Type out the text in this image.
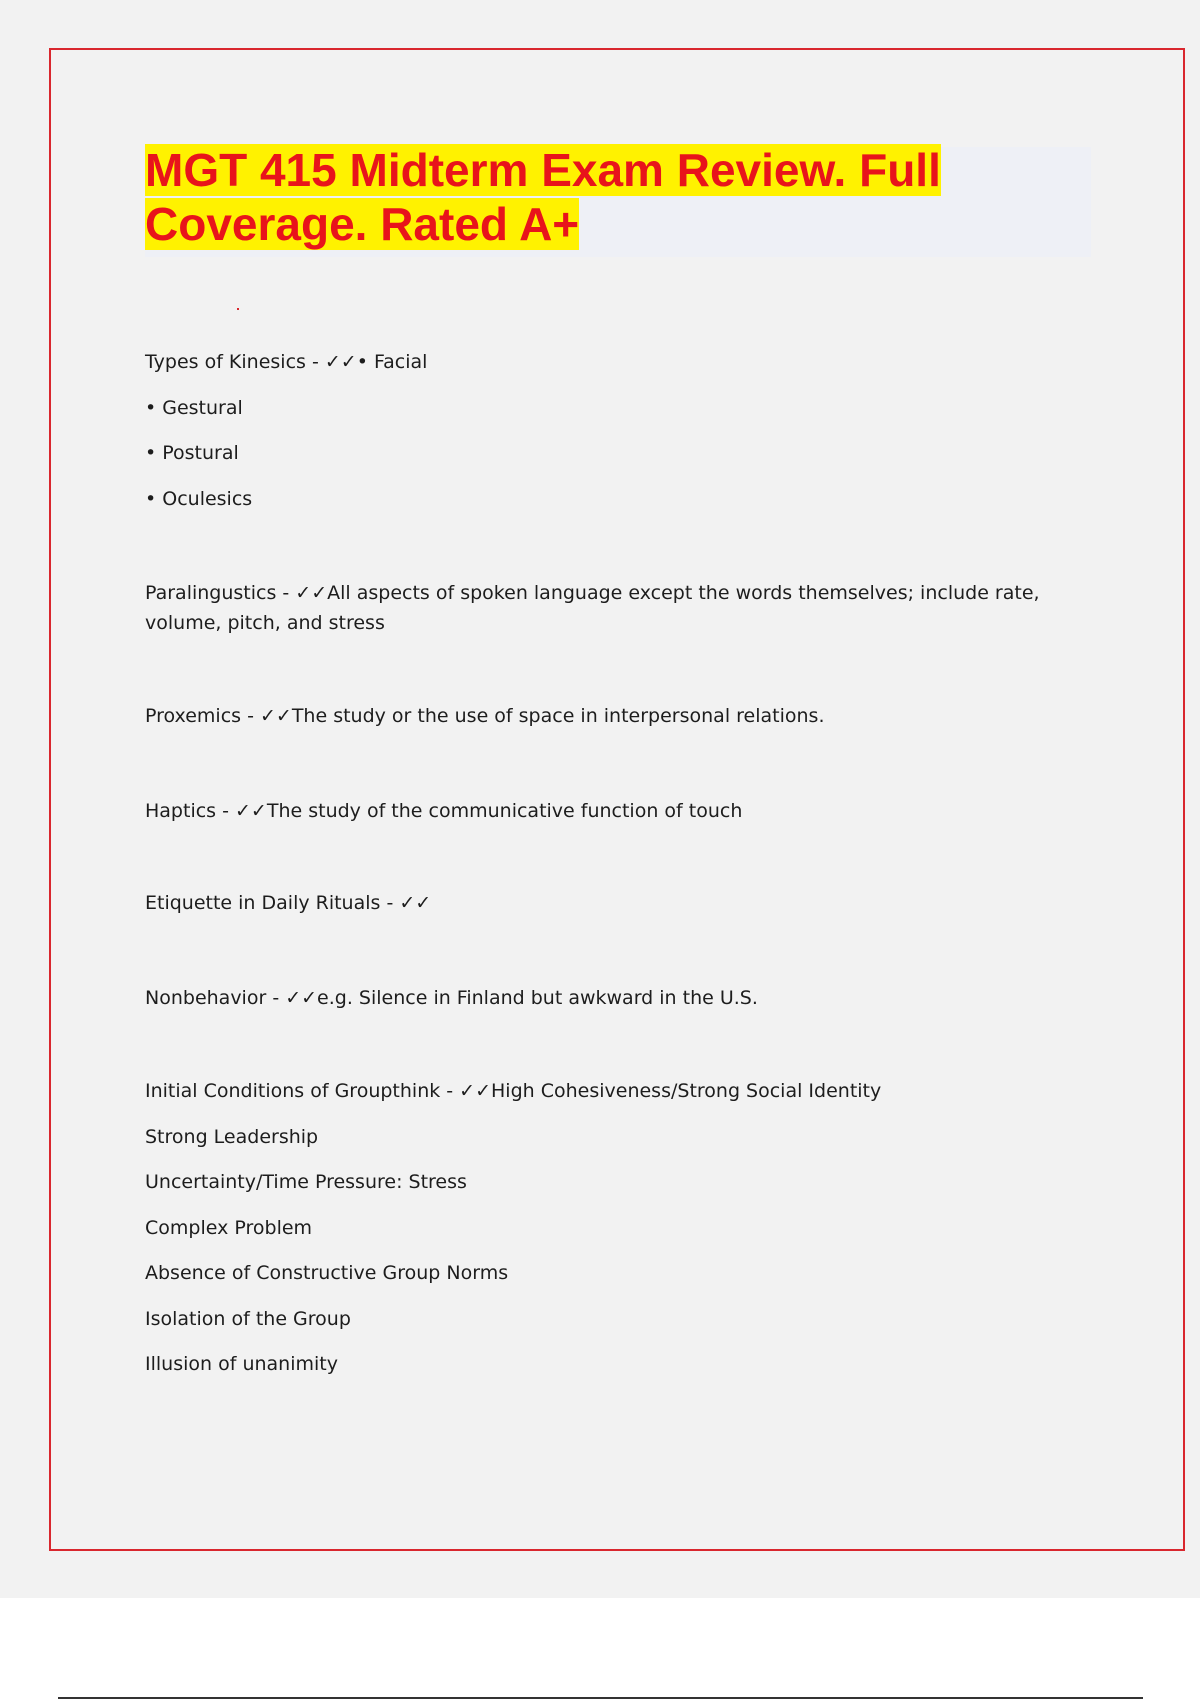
MGT 415 Midterm Exam Review. Full Coverage. Rated A+

Types of Kinesics - ✓✓• Facial

• Gestural

• Postural

• Oculesics

Paralingustics - ✓✓All aspects of spoken language except the words themselves; include rate, volume, pitch, and stress

Proxemics - ✓✓The study or the use of space in interpersonal relations.

Haptics - ✓✓The study of the communicative function of touch

Etiquette in Daily Rituals - ✓✓

Nonbehavior - ✓✓e.g. Silence in Finland but awkward in the U.S.

Initial Conditions of Groupthink - ✓✓High Cohesiveness/Strong Social Identity

Strong Leadership

Uncertainty/Time Pressure: Stress

Complex Problem

Absence of Constructive Group Norms

Isolation of the Group

Illusion of unanimity
